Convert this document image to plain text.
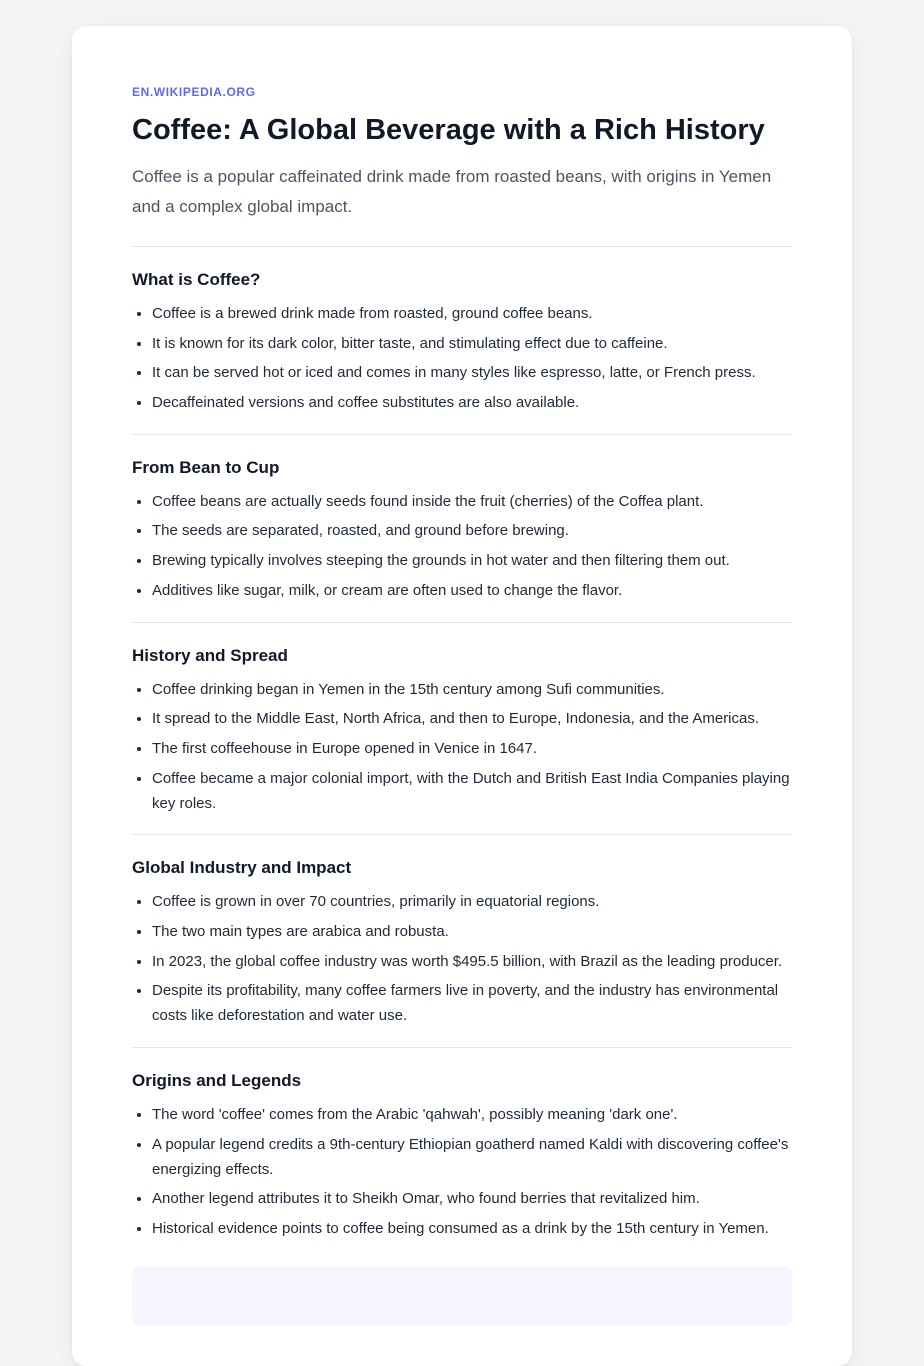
EN.WIKIPEDIA.ORG
Coffee: A Global Beverage with a Rich History

Coffee is a popular caffeinated drink made from roasted beans, with origins in Yemen and a complex global impact.

What is Coffee?
• Coffee is a brewed drink made from roasted, ground coffee beans.
• It is known for its dark color, bitter taste, and stimulating effect due to caffeine.
• It can be served hot or iced and comes in many styles like espresso, latte, or French press.
• Decaffeinated versions and coffee substitutes are also available.
From Bean to Cup
• Coffee beans are actually seeds found inside the fruit (cherries) of the Coffea plant.
• The seeds are separated, roasted, and ground before brewing.
• Brewing typically involves steeping the grounds in hot water and then filtering them out.
• Additives like sugar, milk, or cream are often used to change the flavor.
History and Spread
• Coffee drinking began in Yemen in the 15th century among Sufi communities.
• It spread to the Middle East, North Africa, and then to Europe, Indonesia, and the Americas.
• The first coffeehouse in Europe opened in Venice in 1647.
• Coffee became a major colonial import, with the Dutch and British East India Companies playing key roles.
Global Industry and Impact
• Coffee is grown in over 70 countries, primarily in equatorial regions.
• The two main types are arabica and robusta.
• In 2023, the global coffee industry was worth $495.5 billion, with Brazil as the leading producer.
• Despite its profitability, many coffee farmers live in poverty, and the industry has environmental costs like deforestation and water use.
Origins and Legends
• The word 'coffee' comes from the Arabic 'qahwah', possibly meaning 'dark one'.
• A popular legend credits a 9th-century Ethiopian goatherd named Kaldi with discovering coffee's energizing effects.
• Another legend attributes it to Sheikh Omar, who found berries that revitalized him.
• Historical evidence points to coffee being consumed as a drink by the 15th century in Yemen.
